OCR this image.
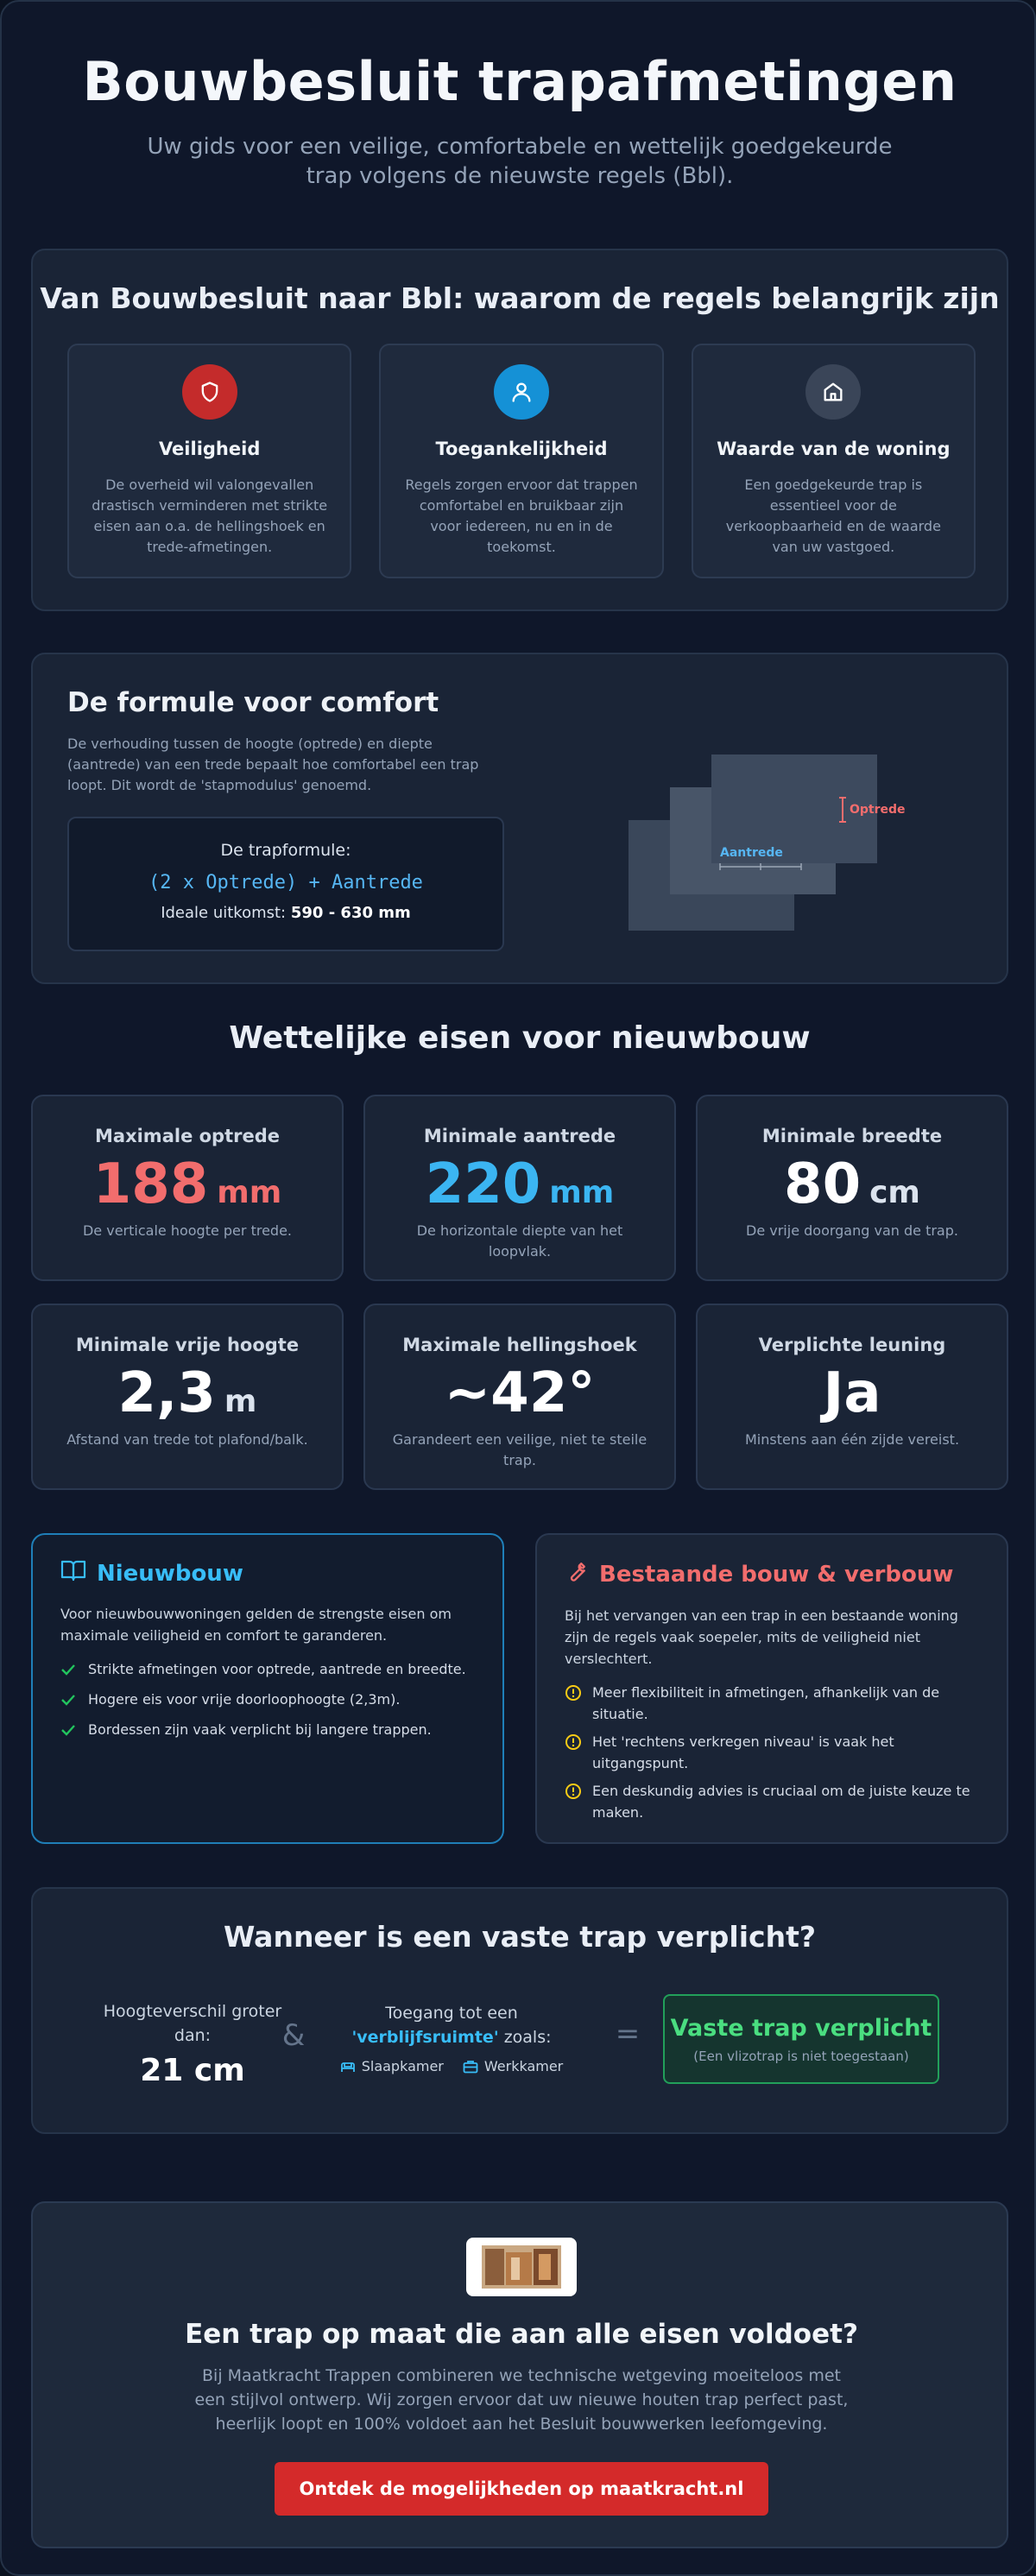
Bouwbesluit trapafmetingen

Uw gids voor een veilige, comfortabele en wettelijk goedgekeurde trap volgens de nieuwste regels (Bbl).

Van Bouwbesluit naar Bbl: waarom de regels belangrijk zijn
Veiligheid

De overheid wil valongevallen drastisch verminderen met strikte eisen aan o.a. de hellingshoek en trede-afmetingen.

Toegankelijkheid

Regels zorgen ervoor dat trappen comfortabel en bruikbaar zijn voor iedereen, nu en in de toekomst.

Waarde van de woning

Een goedgekeurde trap is essentieel voor de verkoopbaarheid en de waarde van uw vastgoed.

De formule voor comfort

De verhouding tussen de hoogte (optrede) en diepte (aantrede) van een trede bepaalt hoe comfortabel een trap loopt. Dit wordt de 'stapmodulus' genoemd.

De trapformule:
(2 x Optrede) + Aantrede
Ideale uitkomst: 590 - 630 mm
Optrede
Aantrede
Wettelijke eisen voor nieuwbouw
Maximale optrede
188 mm

De verticale hoogte per trede.

Minimale aantrede
220 mm

De horizontale diepte van het loopvlak.

Minimale breedte
80 cm

De vrije doorgang van de trap.

Minimale vrije hoogte
2,3 m

Afstand van trede tot plafond/balk.

Maximale hellingshoek
~42°

Garandeert een veilige, niet te steile trap.

Verplichte leuning
Ja

Minstens aan één zijde vereist.

Nieuwbouw

Voor nieuwbouwwoningen gelden de strengste eisen om maximale veiligheid en comfort te garanderen.

Strikte afmetingen voor optrede, aantrede en breedte.
Hogere eis voor vrije doorloophoogte (2,3m).
Bordessen zijn vaak verplicht bij langere trappen.
Bestaande bouw & verbouw

Bij het vervangen van een trap in een bestaande woning zijn de regels vaak soepeler, mits de veiligheid niet verslechtert.

Meer flexibiliteit in afmetingen, afhankelijk van de situatie.
Het 'rechtens verkregen niveau' is vaak het uitgangspunt.
Een deskundig advies is cruciaal om de juiste keuze te maken.
Wanneer is een vaste trap verplicht?
Hoogteverschil groter dan:
21 cm
&
Toegang tot een
'verblijfsruimte' zoals:
Slaapkamer	Werkkamer
=	Vaste trap verplicht
(Een vlizotrap is niet toegestaan)
Een trap op maat die aan alle eisen voldoet?

Bij Maatkracht Trappen combineren we technische wetgeving moeiteloos met een stijlvol ontwerp. Wij zorgen ervoor dat uw nieuwe houten trap perfect past, heerlijk loopt en 100% voldoet aan het Besluit bouwwerken leefomgeving.

Ontdek de mogelijkheden op maatkracht.nl
